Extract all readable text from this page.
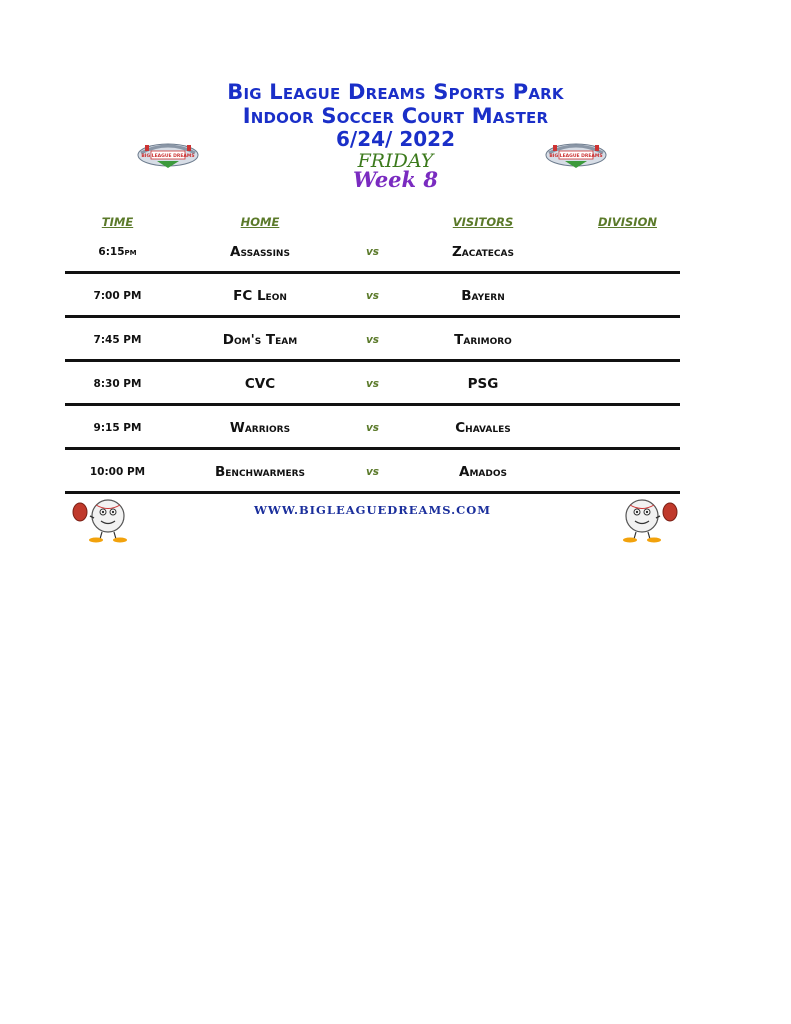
Big League Dreams Sports Park
Indoor Soccer Court Master
6/24/ 2022
FRIDAY
Week 8
BIG LEAGUE DREAMS	BIG LEAGUE DREAMS
TIME	HOME	VISITORS	DIVISION
6:15pm	Assassins	vs	Zacatecas
7:00 PM	FC Leon	vs	Bayern
7:45 PM	Dom's Team	vs	Tarimoro
8:30 PM	CVC	vs	PSG
9:15 PM	Warriors	vs	Chavales
10:00 PM	Benchwarmers	vs	Amados
WWW.BIGLEAGUEDREAMS.COM
